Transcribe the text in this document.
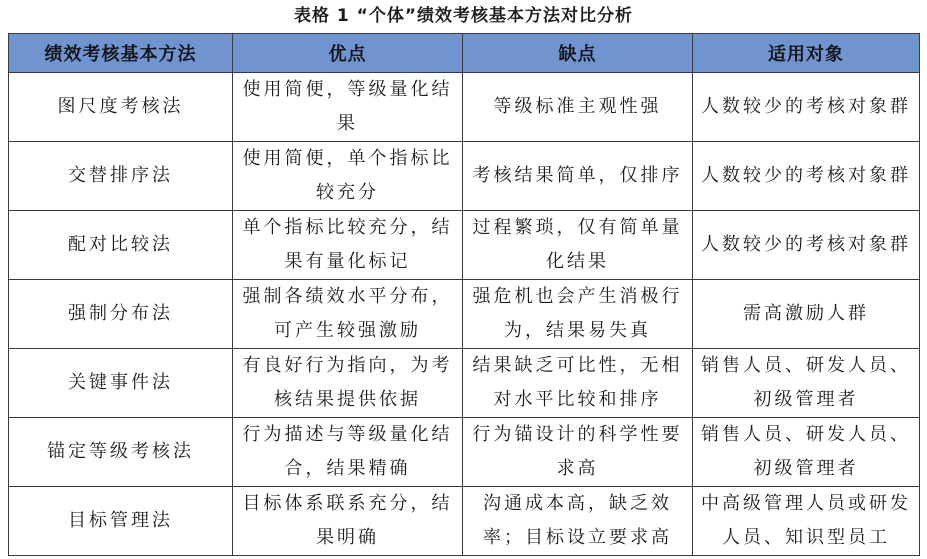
表格 1 “个体”绩效考核基本方法对比分析
绩效考核基本方法	优点	缺点	适用对象
图尺度考核法	使用简便，等级量化结果	等级标准主观性强	人数较少的考核对象群
交替排序法	使用简便，单个指标比较充分	考核结果简单，仅排序	人数较少的考核对象群
配对比较法	单个指标比较充分，结果有量化标记	过程繁琐，仅有简单量化结果	人数较少的考核对象群
强制分布法	强制各绩效水平分布，可产生较强激励	强危机也会产生消极行为，结果易失真	需高激励人群
关键事件法	有良好行为指向，为考核结果提供依据	结果缺乏可比性，无相对水平比较和排序	销售人员、研发人员、初级管理者
锚定等级考核法	行为描述与等级量化结合，结果精确	行为锚设计的科学性要求高	销售人员、研发人员、初级管理者
目标管理法	目标体系联系充分，结果明确	沟通成本高，缺乏效率；目标设立要求高	中高级管理人员或研发人员、知识型员工
